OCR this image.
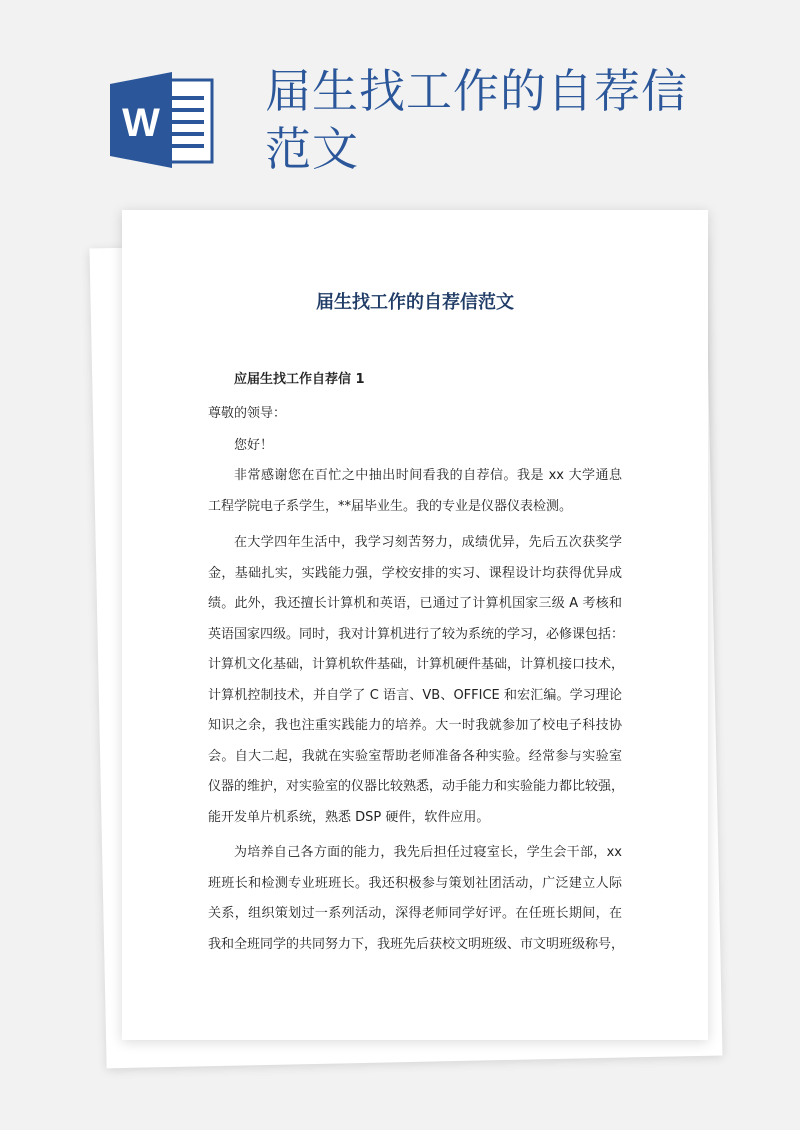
W
届生找工作的自荐信范文
届生找工作的自荐信范文
应届生找工作自荐信 1
尊敬的领导：
您好！
非常感谢您在百忙之中抽出时间看我的自荐信。我是 xx 大学通息
工程学院电子系学生，**届毕业生。我的专业是仪器仪表检测。
在大学四年生活中，我学习刻苦努力，成绩优异，先后五次获奖学
金，基础扎实，实践能力强，学校安排的实习、课程设计均获得优异成
绩。此外，我还擅长计算机和英语，已通过了计算机国家三级 A 考核和
英语国家四级。同时，我对计算机进行了较为系统的学习，必修课包括：
计算机文化基础，计算机软件基础，计算机硬件基础，计算机接口技术，
计算机控制技术，并自学了 C 语言、VB、OFFICE 和宏汇编。学习理论
知识之余，我也注重实践能力的培养。大一时我就参加了校电子科技协
会。自大二起，我就在实验室帮助老师准备各种实验。经常参与实验室
仪器的维护，对实验室的仪器比较熟悉，动手能力和实验能力都比较强，
能开发单片机系统，熟悉 DSP 硬件，软件应用。
为培养自己各方面的能力，我先后担任过寝室长，学生会干部，xx
班班长和检测专业班班长。我还积极参与策划社团活动，广泛建立人际
关系，组织策划过一系列活动，深得老师同学好评。在任班长期间，在
我和全班同学的共同努力下，我班先后获校文明班级、市文明班级称号，
